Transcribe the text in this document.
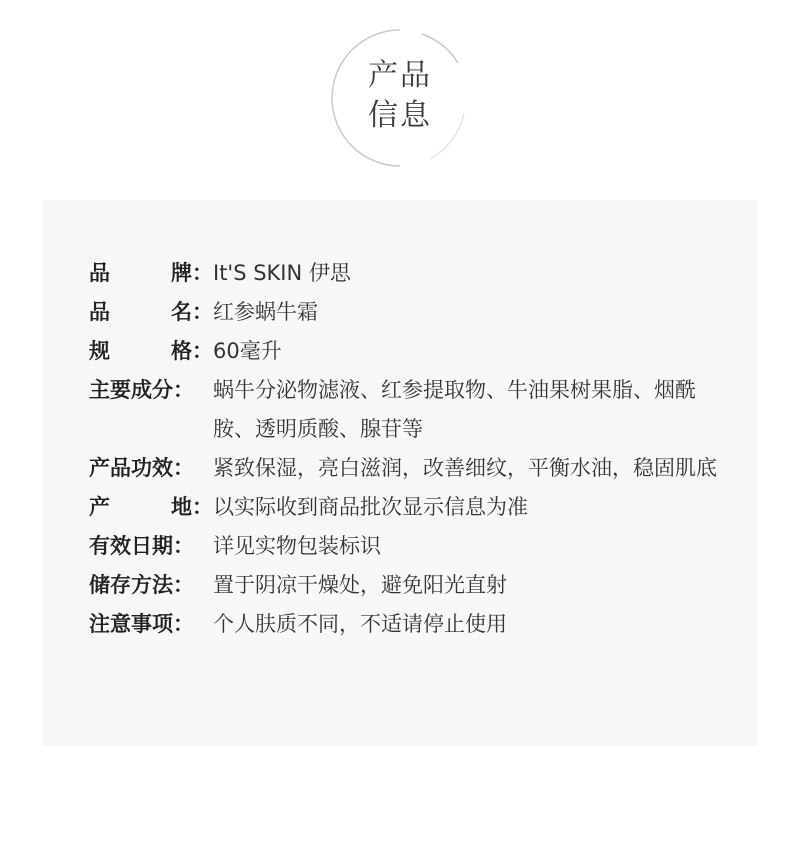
产品
信息
品	牌： It'S SKIN 伊思
品	名： 红参蜗牛霜
规	格： 60毫升
主要成分： 蜗牛分泌物滤液、红参提取物、牛油果树果脂、烟酰胺、透明质酸、腺苷等
产品功效： 紧致保湿，亮白滋润，改善细纹，平衡水油，稳固肌底
产	地： 以实际收到商品批次显示信息为准
有效日期： 详见实物包装标识
储存方法： 置于阴凉干燥处，避免阳光直射
注意事项： 个人肤质不同，不适请停止使用
